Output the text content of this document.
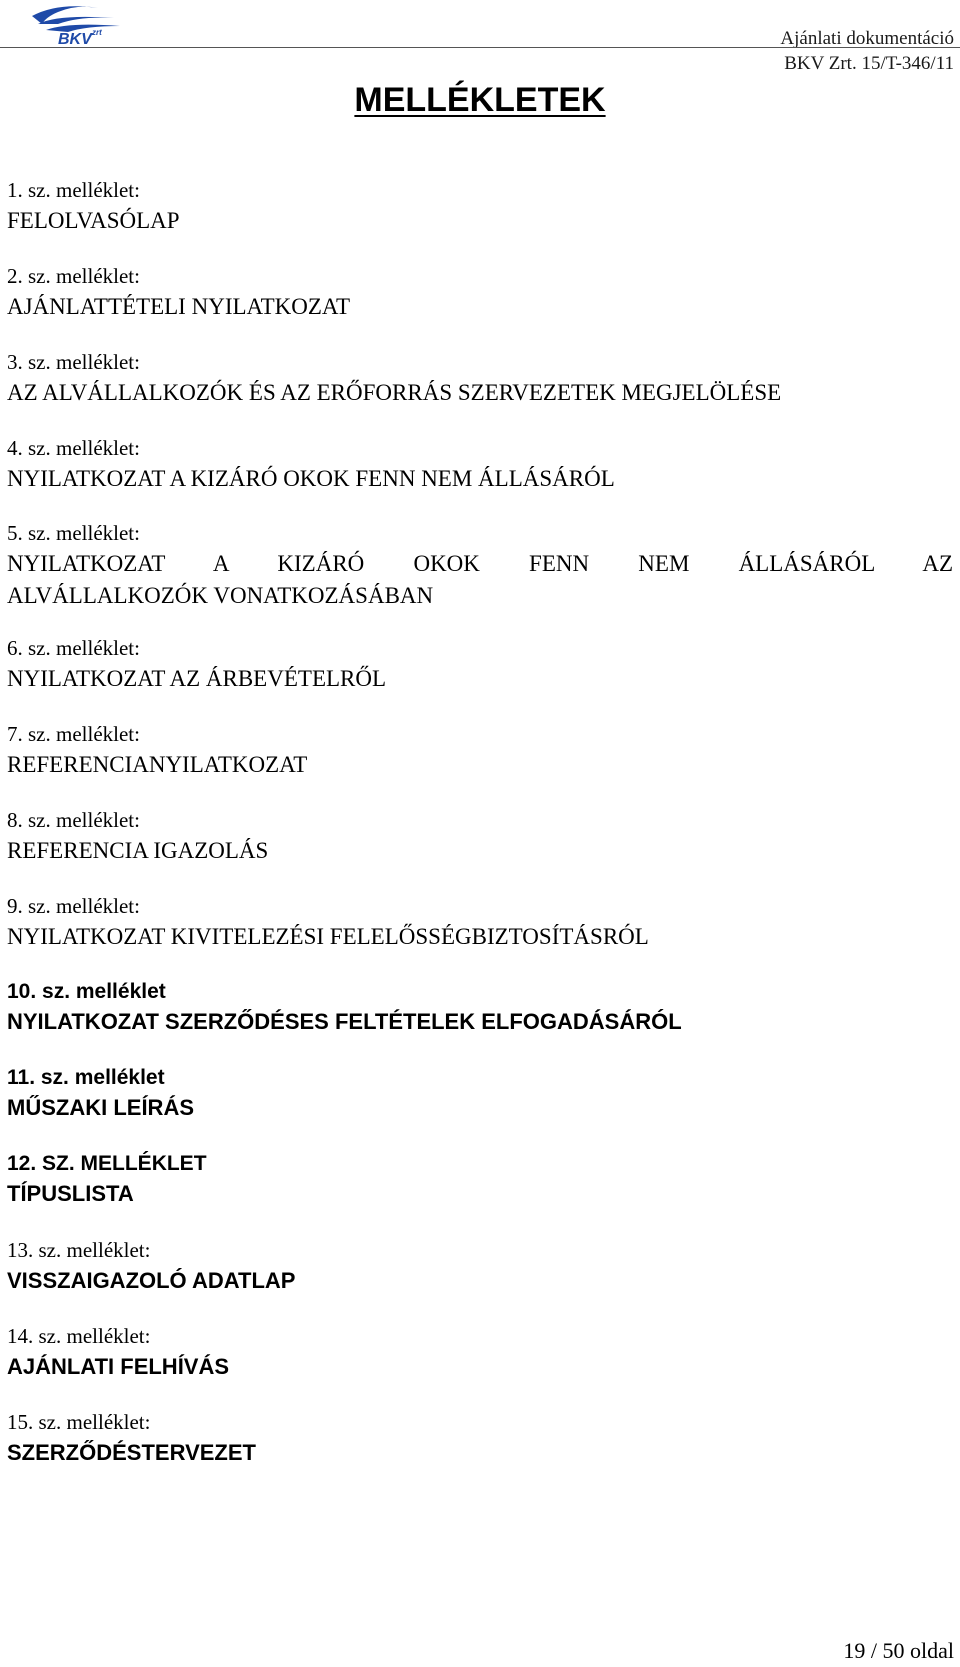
BKV zrt	Ajánlati dokumentáció
BKV Zrt. 15/T-346/11
MELLÉKLETEK
1. sz. melléklet:
FELOLVASÓLAP
2. sz. melléklet:
AJÁNLATTÉTELI NYILATKOZAT
3. sz. melléklet:
AZ ALVÁLLALKOZÓK ÉS AZ ERŐFORRÁS SZERVEZETEK MEGJELÖLÉSE
4. sz. melléklet:
NYILATKOZAT A KIZÁRÓ OKOK FENN NEM ÁLLÁSÁRÓL
5. sz. melléklet:
NYILATKOZAT A KIZÁRÓ OKOK FENN NEM ÁLLÁSÁRÓL AZ
ALVÁLLALKOZÓK VONATKOZÁSÁBAN
6. sz. melléklet:
NYILATKOZAT AZ ÁRBEVÉTELRŐL
7. sz. melléklet:
REFERENCIANYILATKOZAT
8. sz. melléklet:
REFERENCIA IGAZOLÁS
9. sz. melléklet:
NYILATKOZAT KIVITELEZÉSI FELELŐSSÉGBIZTOSÍTÁSRÓL
10. sz. melléklet
NYILATKOZAT SZERZŐDÉSES FELTÉTELEK ELFOGADÁSÁRÓL
11. sz. melléklet
MŰSZAKI LEÍRÁS
12. SZ. MELLÉKLET
TÍPUSLISTA
13. sz. melléklet:
VISSZAIGAZOLÓ ADATLAP
14. sz. melléklet:
AJÁNLATI FELHÍVÁS
15. sz. melléklet:
SZERZŐDÉSTERVEZET
19 / 50 oldal
